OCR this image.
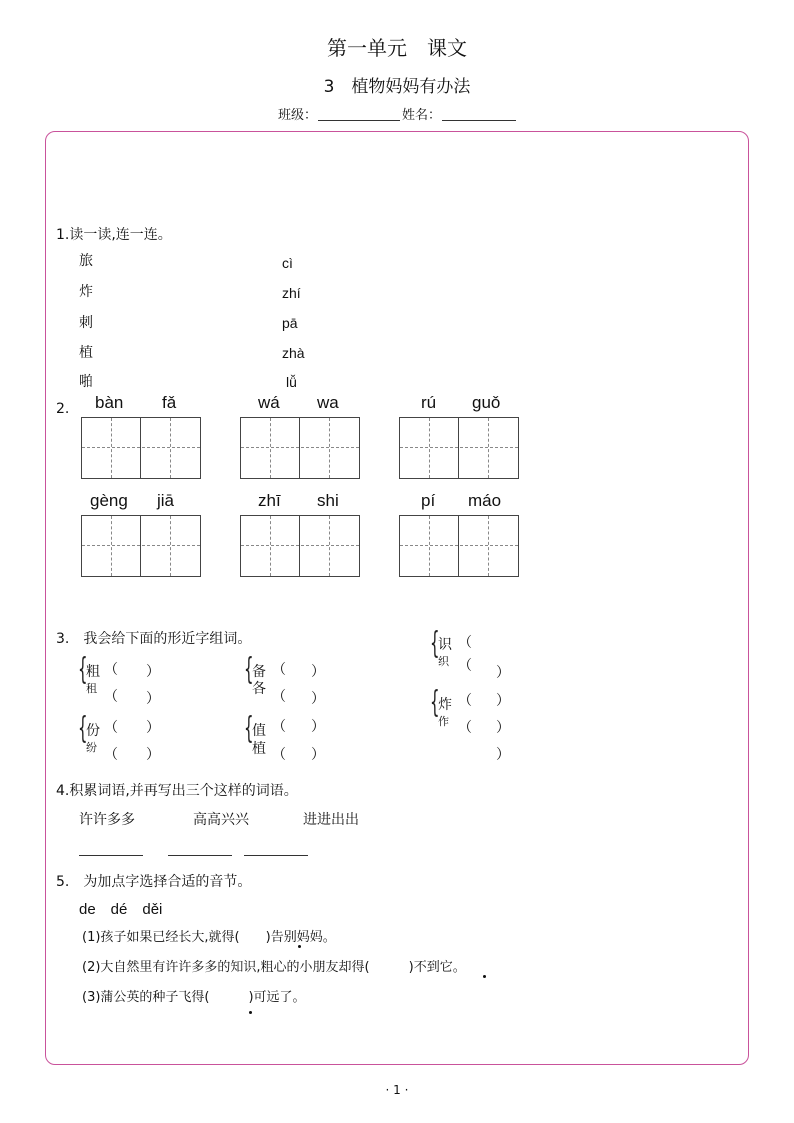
第一单元　课文
3　植物妈妈有办法
班级：	姓名：
1.读一读,连一连。
旅
炸
刺
植
啪
cì
zhí
pā
zhà
lǚ
2. bàn fǎ	wá wa	rú guǒ
gèng jiā	zhī shi	pí máo
3.　我会给下面的形近字组词。
{
粗
租
（ ）
（ ）
{
备
各
（ ）
（ ）
{
识
织
（
（ ）
{
份
纷
（ ）
（ ）
{
值
植
（ ）
（ ）
{
炸
作
（ ）
（ ）
）
4.积累词语,并再写出三个这样的词语。
许许多多	高高兴兴	进进出出
5.　为加点字选择合适的音节。
de　dé　děi
(1)孩子如果已经长大,就得(　　)告别妈妈。
(2)大自然里有许许多多的知识,粗心的小朋友却得(　　　)不到它。
(3)蒲公英的种子飞得(　　　)可远了。
· 1 ·
